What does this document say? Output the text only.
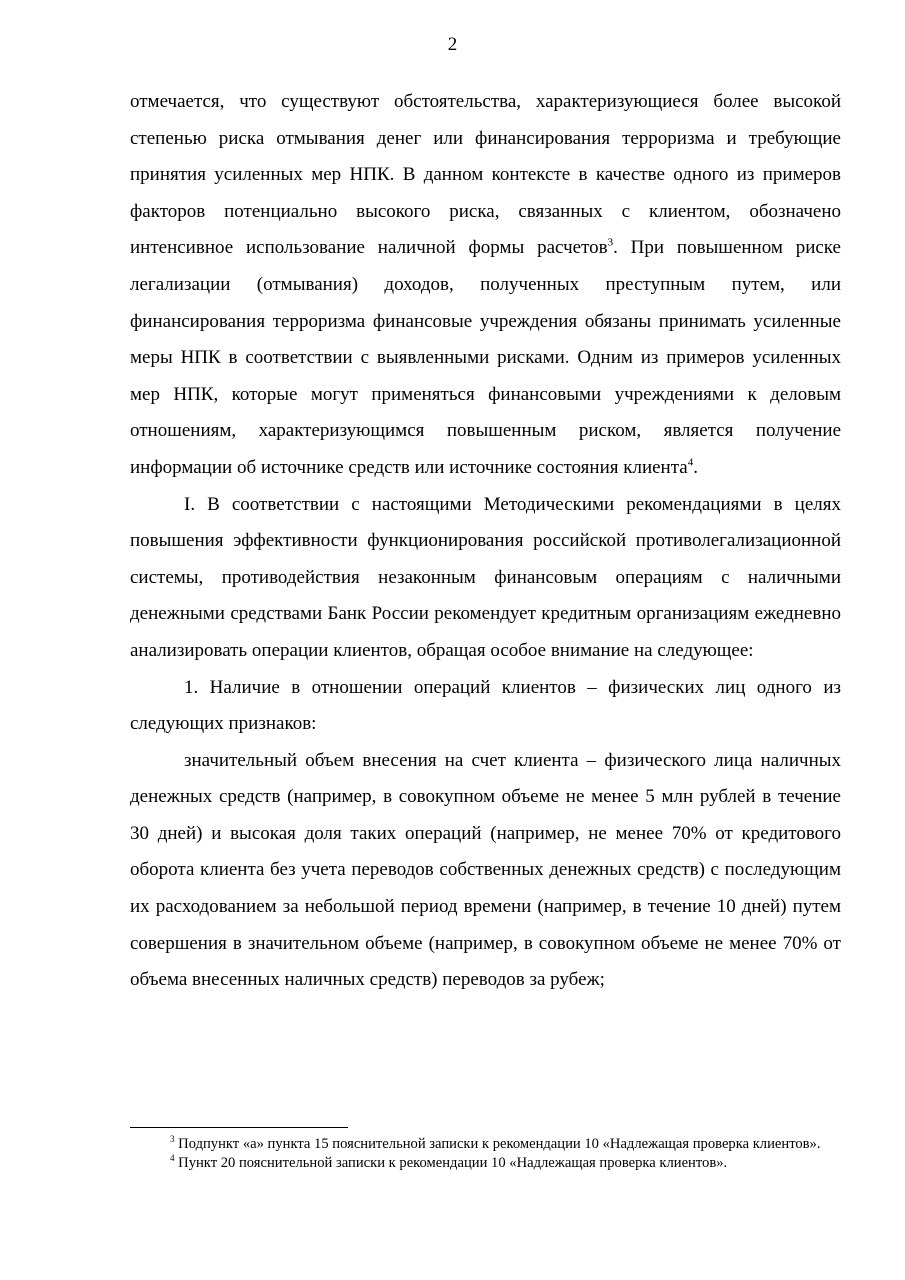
2

отмечается, что существуют обстоятельства, характеризующиеся более высокой степенью риска отмывания денег или финансирования терроризма и требующие принятия усиленных мер НПК. В данном контексте в качестве одного из примеров факторов потенциально высокого риска, связанных с клиентом, обозначено интенсивное использование наличной формы расчетов$^3$. При повышенном риске легализации (отмывания) доходов, полученных преступным путем, или финансирования терроризма финансовые учреждения обязаны принимать усиленные меры НПК в соответствии с выявленными рисками. Одним из примеров усиленных мер НПК, которые могут применяться финансовыми учреждениями к деловым отношениям, характеризующимся повышенным риском, является получение информации об источнике средств или источнике состояния клиента$^4$.

I. В соответствии с настоящими Методическими рекомендациями в целях повышения эффективности функционирования российской противолегализационной системы, противодействия незаконным финансовым операциям с наличными денежными средствами Банк России рекомендует кредитным организациям ежедневно анализировать операции клиентов, обращая особое внимание на следующее:

1. Наличие в отношении операций клиентов – физических лиц одного из следующих признаков:

значительный объем внесения на счет клиента – физического лица наличных денежных средств (например, в совокупном объеме не менее 5 млн рублей в течение 30 дней) и высокая доля таких операций (например, не менее 70% от кредитового оборота клиента без учета переводов собственных денежных средств) с последующим их расходованием за небольшой период времени (например, в течение 10 дней) путем совершения в значительном объеме (например, в совокупном объеме не менее 70% от объема внесенных наличных средств) переводов за рубеж;

$^3$ Подпункт «а» пункта 15 пояснительной записки к рекомендации 10 «Надлежащая проверка клиентов».

$^4$ Пункт 20 пояснительной записки к рекомендации 10 «Надлежащая проверка клиентов».
